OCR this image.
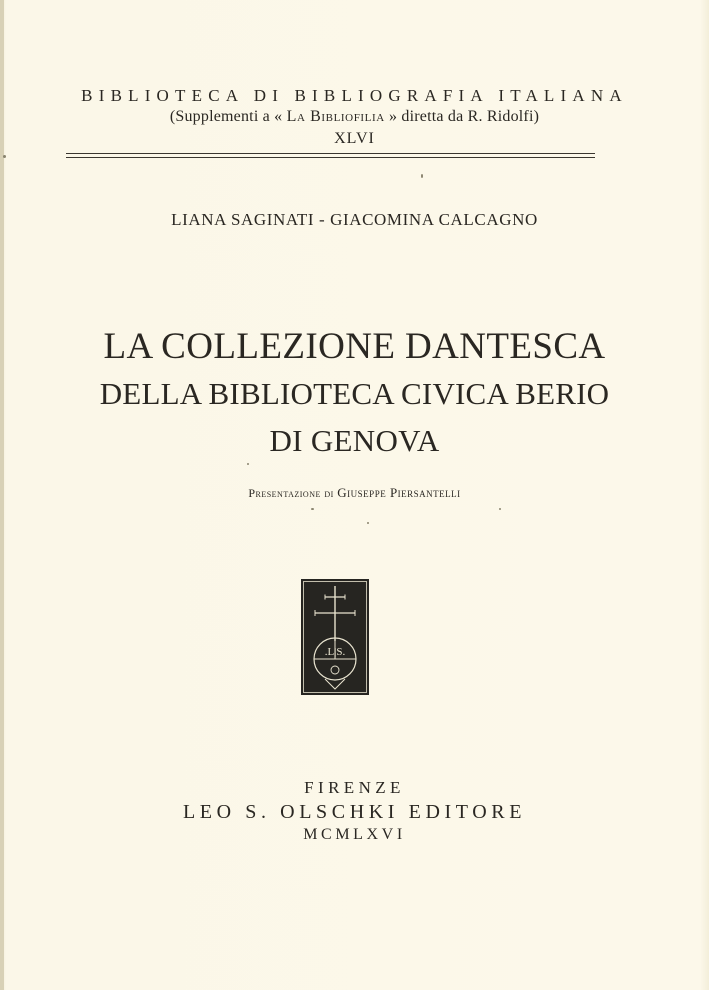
BIBLIOTECA DI BIBLIOGRAFIA ITALIANA
(Supplementi a « La Bibliofilia » diretta da R. Ridolfi)
XLVI
LIANA SAGINATI - GIACOMINA CALCAGNO
LA COLLEZIONE DANTESCA
DELLA BIBLIOTECA CIVICA BERIO
DI GENOVA
Presentazione di Giuseppe Piersantelli
.L|S.
FIRENZE
LEO S. OLSCHKI EDITORE
MCMLXVI
